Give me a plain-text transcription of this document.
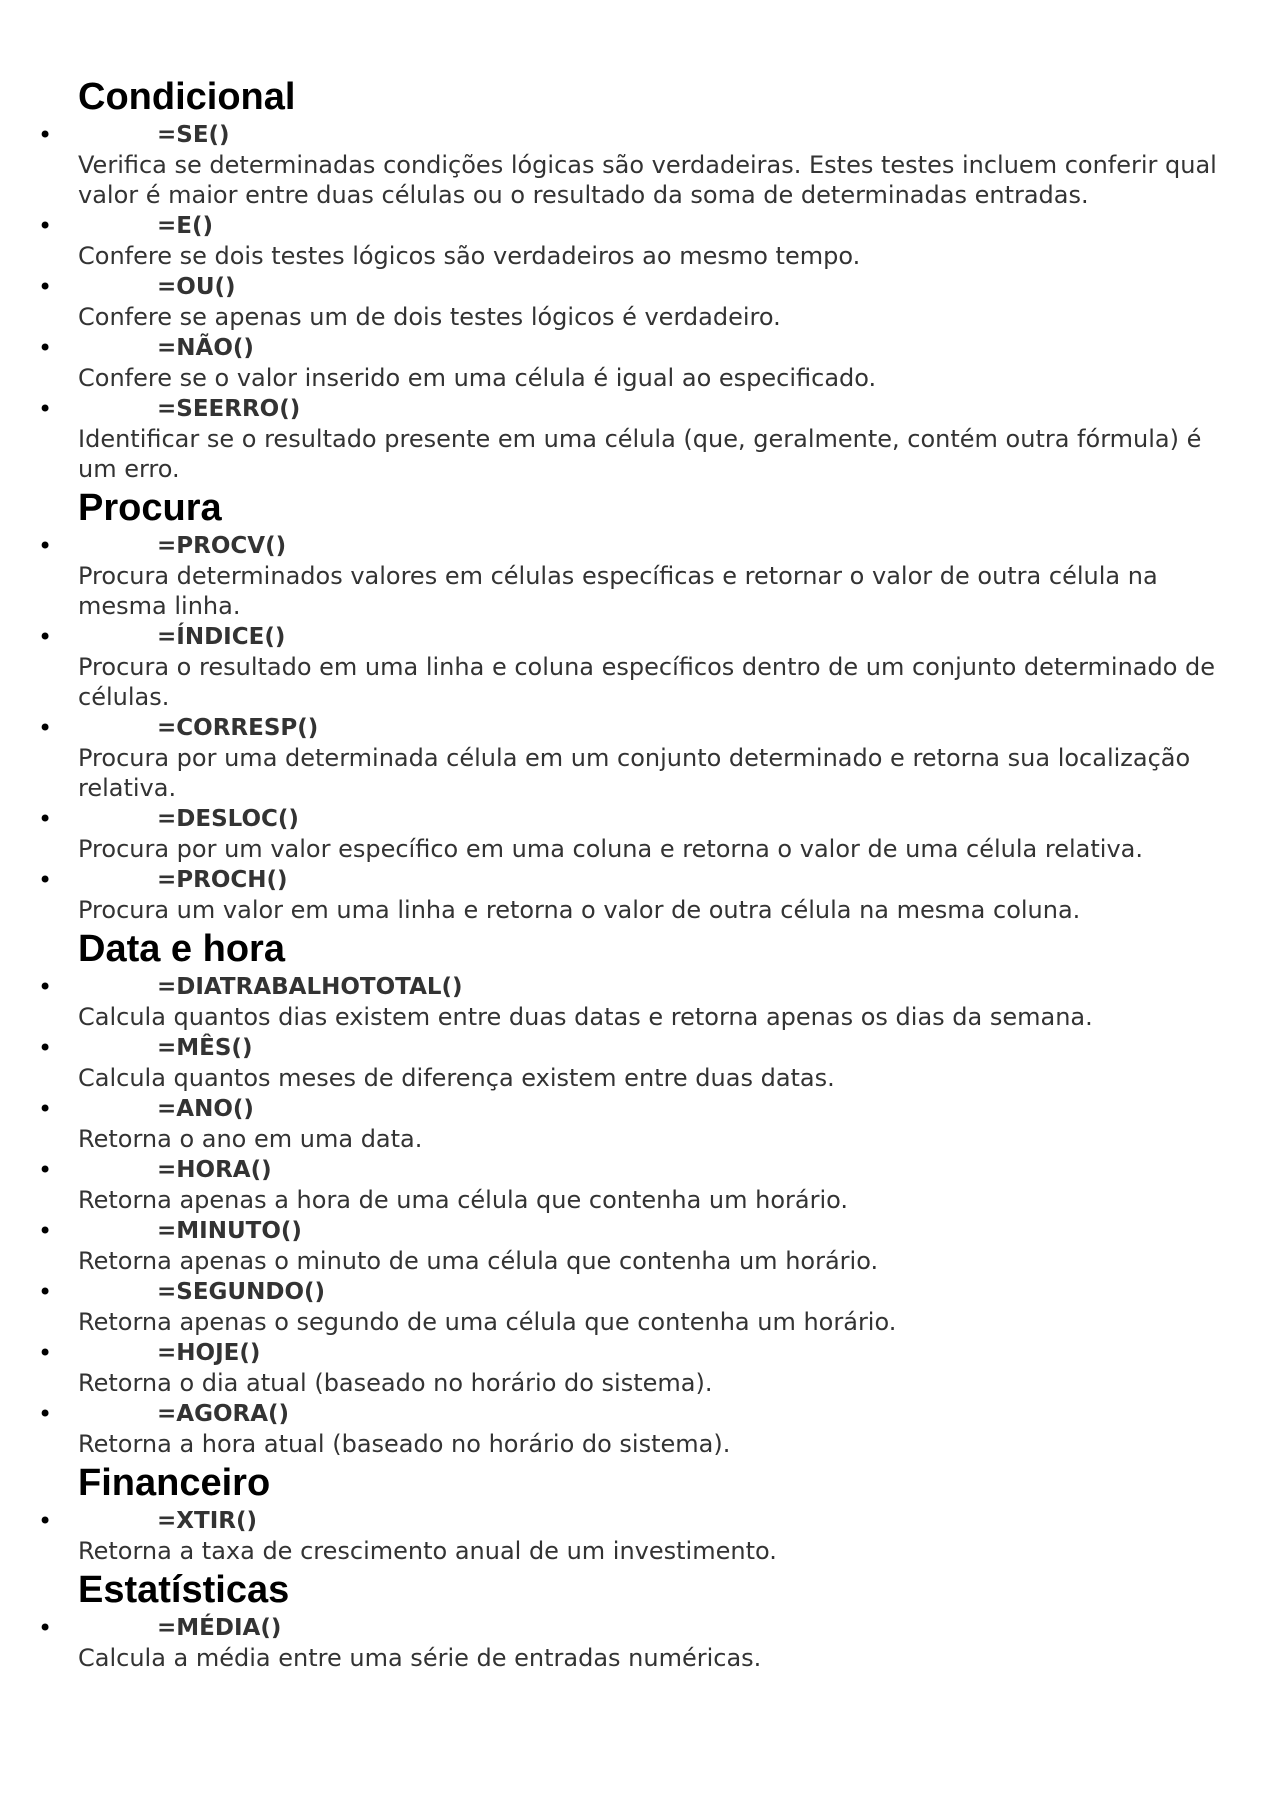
Condicional
•	=SE()
Verifica se determinadas condições lógicas são verdadeiras. Estes testes incluem conferir qual valor é maior entre duas células ou o resultado da soma de determinadas entradas.
•	=E()
Confere se dois testes lógicos são verdadeiros ao mesmo tempo.
•	=OU()
Confere se apenas um de dois testes lógicos é verdadeiro.
•	=NÃO()
Confere se o valor inserido em uma célula é igual ao especificado.
•	=SEERRO()
Identificar se o resultado presente em uma célula (que, geralmente, contém outra fórmula) é um erro.
Procura
•	=PROCV()
Procura determinados valores em células específicas e retornar o valor de outra célula na mesma linha.
•	=ÍNDICE()
Procura o resultado em uma linha e coluna específicos dentro de um conjunto determinado de células.
•	=CORRESP()
Procura por uma determinada célula em um conjunto determinado e retorna sua localização relativa.
•	=DESLOC()
Procura por um valor específico em uma coluna e retorna o valor de uma célula relativa.
•	=PROCH()
Procura um valor em uma linha e retorna o valor de outra célula na mesma coluna.
Data e hora
•	=DIATRABALHOTOTAL()
Calcula quantos dias existem entre duas datas e retorna apenas os dias da semana.
•	=MÊS()
Calcula quantos meses de diferença existem entre duas datas.
•	=ANO()
Retorna o ano em uma data.
•	=HORA()
Retorna apenas a hora de uma célula que contenha um horário.
•	=MINUTO()
Retorna apenas o minuto de uma célula que contenha um horário.
•	=SEGUNDO()
Retorna apenas o segundo de uma célula que contenha um horário.
•	=HOJE()
Retorna o dia atual (baseado no horário do sistema).
•	=AGORA()
Retorna a hora atual (baseado no horário do sistema).
Financeiro
•	=XTIR()
Retorna a taxa de crescimento anual de um investimento.
Estatísticas
•	=MÉDIA()
Calcula a média entre uma série de entradas numéricas.
